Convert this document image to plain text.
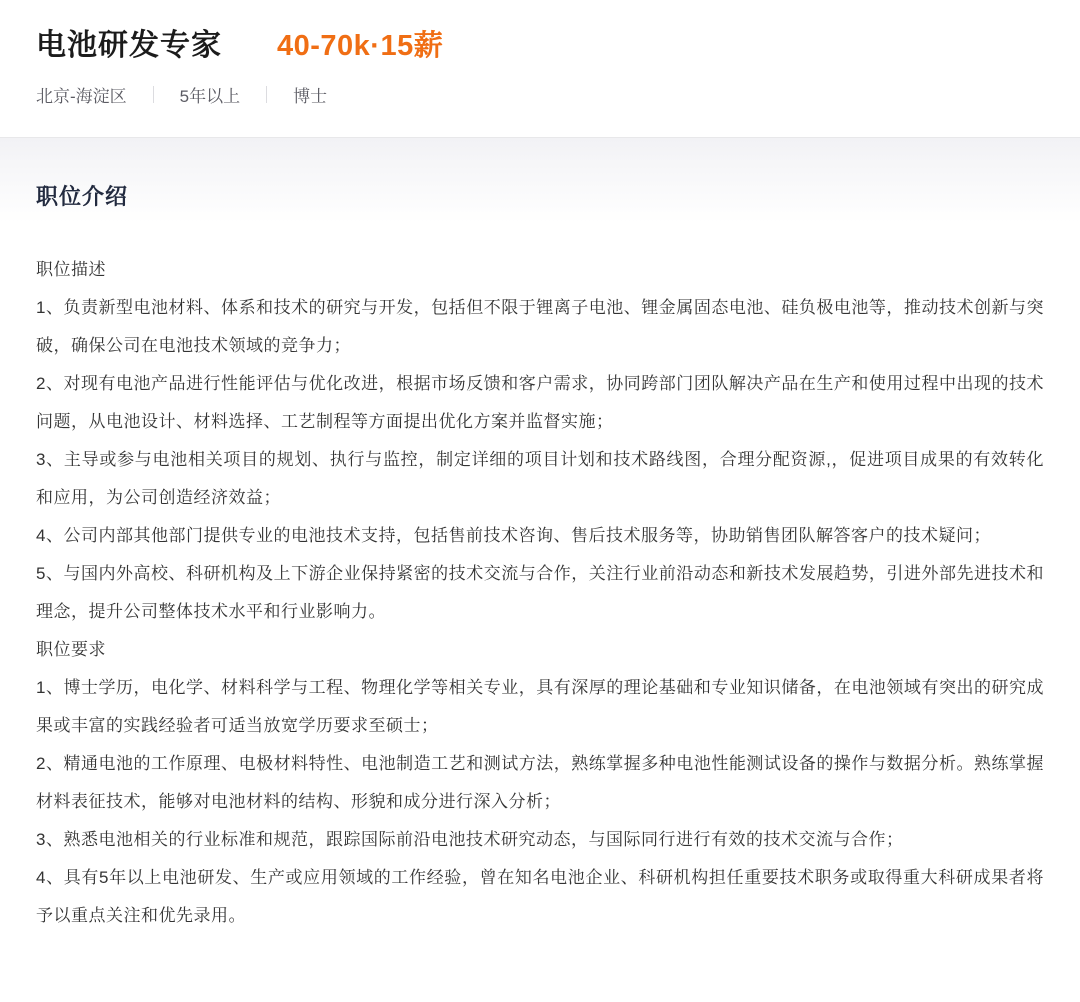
电池研发专家 40-70k·15薪
北京-海淀区	5年以上	博士
职位介绍

职位描述

1、负责新型电池材料、体系和技术的研究与开发，包括但不限于锂离子电池、锂金属固态电池、硅负极电池等，推动技术创新与突破，确保公司在电池技术领域的竞争力；

2、对现有电池产品进行性能评估与优化改进，根据市场反馈和客户需求，协同跨部门团队解决产品在生产和使用过程中出现的技术问题，从电池设计、材料选择、工艺制程等方面提出优化方案并监督实施；

3、主导或参与电池相关项目的规划、执行与监控，制定详细的项目计划和技术路线图，合理分配资源,，促进项目成果的有效转化和应用，为公司创造经济效益；

4、公司内部其他部门提供专业的电池技术支持，包括售前技术咨询、售后技术服务等，协助销售团队解答客户的技术疑问；

5、与国内外高校、科研机构及上下游企业保持紧密的技术交流与合作，关注行业前沿动态和新技术发展趋势，引进外部先进技术和理念，提升公司整体技术水平和行业影响力。

职位要求

1、博士学历，电化学、材料科学与工程、物理化学等相关专业，具有深厚的理论基础和专业知识储备，在电池领域有突出的研究成果或丰富的实践经验者可适当放宽学历要求至硕士；

2、精通电池的工作原理、电极材料特性、电池制造工艺和测试方法，熟练掌握多种电池性能测试设备的操作与数据分析。熟练掌握材料表征技术，能够对电池材料的结构、形貌和成分进行深入分析；

3、熟悉电池相关的行业标准和规范，跟踪国际前沿电池技术研究动态，与国际同行进行有效的技术交流与合作；

4、具有5年以上电池研发、生产或应用领域的工作经验，曾在知名电池企业、科研机构担任重要技术职务或取得重大科研成果者将予以重点关注和优先录用。
